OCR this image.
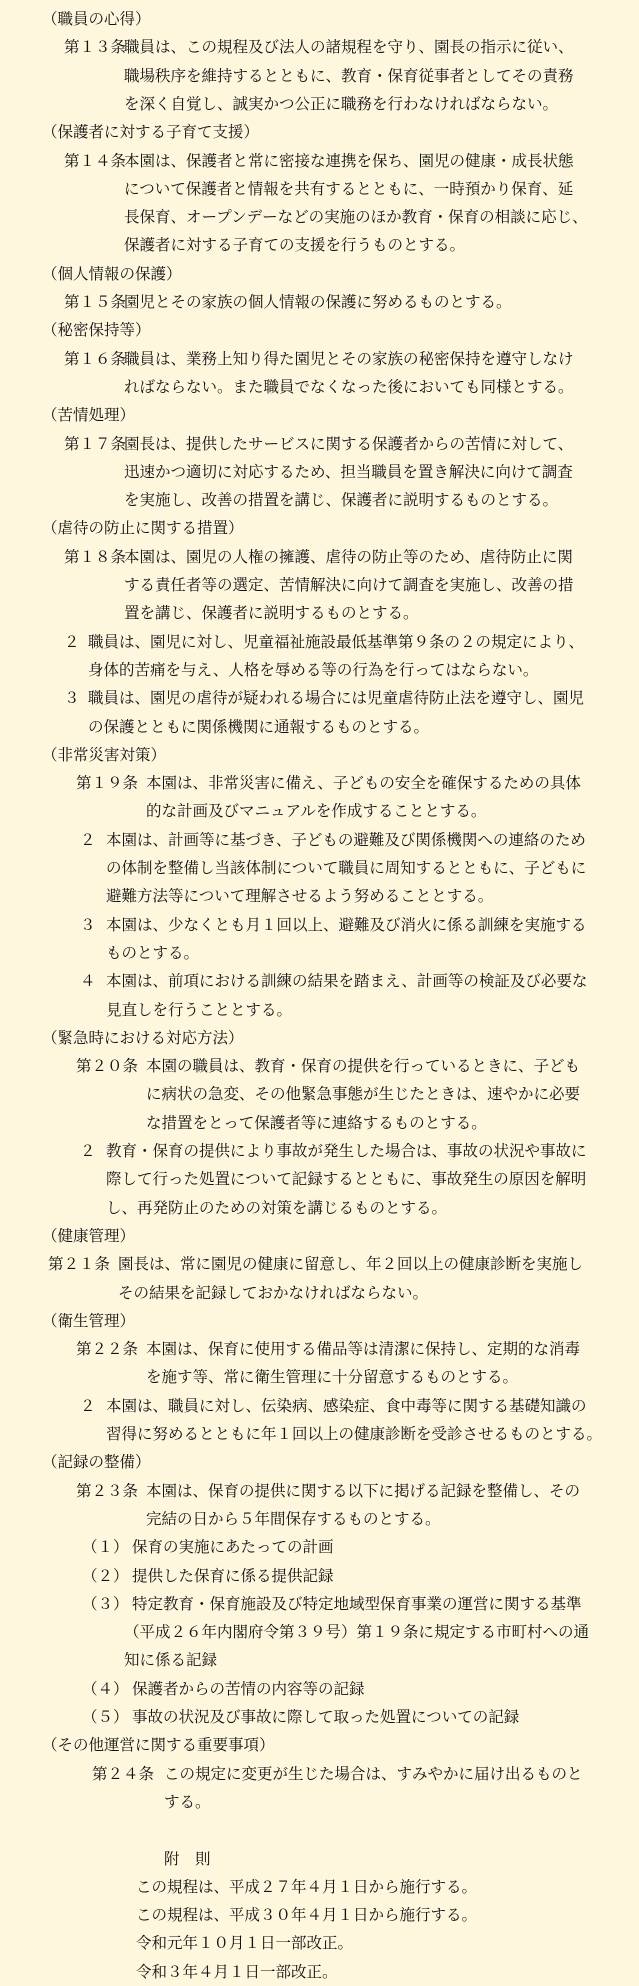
（職員の心得）
第１３条
職員は、この規程及び法人の諸規程を守り、園長の指示に従い、
職場秩序を維持するとともに、教育・保育従事者としてその責務
を深く自覚し、誠実かつ公正に職務を行わなければならない。
（保護者に対する子育て支援）
第１４条
本園は、保護者と常に密接な連携を保ち、園児の健康・成長状態
について保護者と情報を共有するとともに、一時預かり保育、延
長保育、オープンデーなどの実施のほか教育・保育の相談に応じ、
保護者に対する子育ての支援を行うものとする。
（個人情報の保護）
第１５条
園児とその家族の個人情報の保護に努めるものとする。
（秘密保持等）
第１６条
職員は、業務上知り得た園児とその家族の秘密保持を遵守しなけ
ればならない。また職員でなくなった後においても同様とする。
（苦情処理）
第１７条
園長は、提供したサービスに関する保護者からの苦情に対して、
迅速かつ適切に対応するため、担当職員を置き解決に向けて調査
を実施し、改善の措置を講じ、保護者に説明するものとする。
（虐待の防止に関する措置）
第１８条
本園は、園児の人権の擁護、虐待の防止等のため、虐待防止に関
する責任者等の選定、苦情解決に向けて調査を実施し、改善の措
置を講じ、保護者に説明するものとする。
２ 職員は、園児に対し、児童福祉施設最低基準第９条の２の規定により、
身体的苦痛を与え、人格を辱める等の行為を行ってはならない。
３ 職員は、園児の虐待が疑われる場合には児童虐待防止法を遵守し、園児
の保護とともに関係機関に通報するものとする。
（非常災害対策）
第１９条 本園は、非常災害に備え、子どもの安全を確保するための具体
的な計画及びマニュアルを作成することとする。
２ 本園は、計画等に基づき、子どもの避難及び関係機関への連絡のため
の体制を整備し当該体制について職員に周知するとともに、子どもに
避難方法等について理解させるよう努めることとする。
３ 本園は、少なくとも月１回以上、避難及び消火に係る訓練を実施する
ものとする。
４ 本園は、前項における訓練の結果を踏まえ、計画等の検証及び必要な
見直しを行うこととする。
（緊急時における対応方法）
第２０条 本園の職員は、教育・保育の提供を行っているときに、子ども
に病状の急変、その他緊急事態が生じたときは、速やかに必要
な措置をとって保護者等に連絡するものとする。
２ 教育・保育の提供により事故が発生した場合は、事故の状況や事故に
際して行った処置について記録するとともに、事故発生の原因を解明
し、再発防止のための対策を講じるものとする。
（健康管理）
第２１条 園長は、常に園児の健康に留意し、年２回以上の健康診断を実施し
その結果を記録しておかなければならない。
（衛生管理）
第２２条 本園は、保育に使用する備品等は清潔に保持し、定期的な消毒
を施す等、常に衛生管理に十分留意するものとする。
２ 本園は、職員に対し、伝染病、感染症、食中毒等に関する基礎知識の
習得に努めるとともに年１回以上の健康診断を受診させるものとする。
（記録の整備）
第２３条 本園は、保育の提供に関する以下に掲げる記録を整備し、その
完結の日から５年間保存するものとする。
（１） 保育の実施にあたっての計画
（２） 提供した保育に係る提供記録
（３） 特定教育・保育施設及び特定地域型保育事業の運営に関する基準
（平成２６年内閣府令第３９号）第１９条に規定する市町村への通
知に係る記録
（４） 保護者からの苦情の内容等の記録
（５） 事故の状況及び事故に際して取った処置についての記録
（その他運営に関する重要事項）
第２４条 この規定に変更が生じた場合は、すみやかに届け出るものと
する。
附　則
この規程は、平成２７年４月１日から施行する。
この規程は、平成３０年４月１日から施行する。
令和元年１０月１日一部改正。
令和３年４月１日一部改正。
